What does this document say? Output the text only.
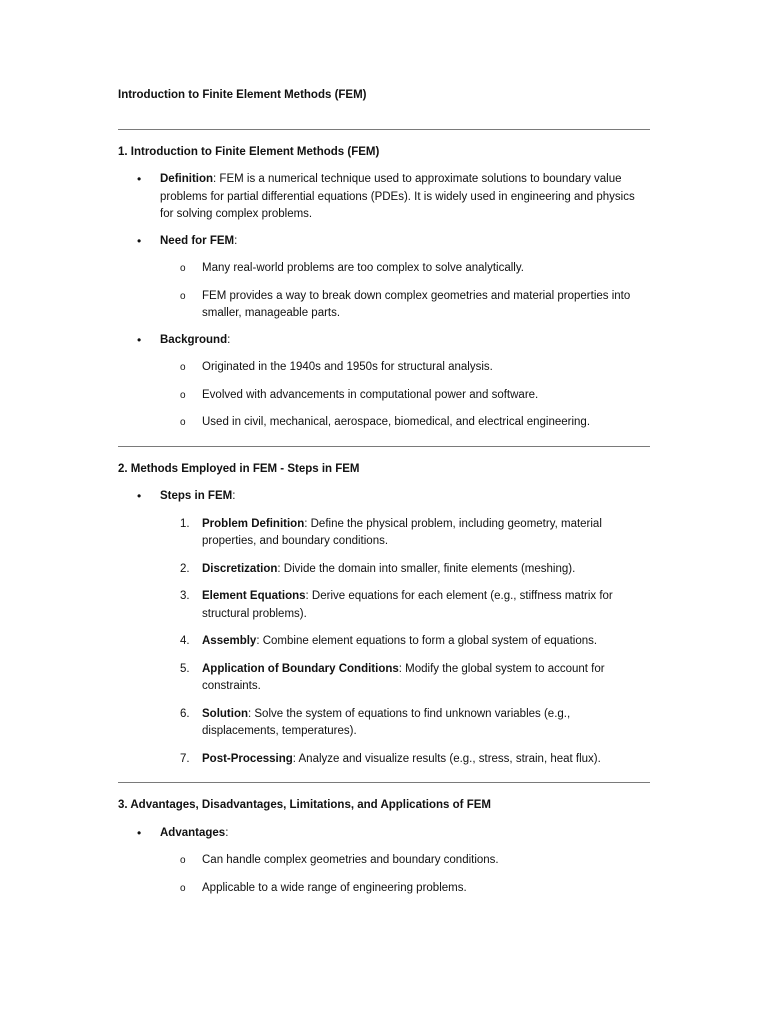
Introduction to Finite Element Methods (FEM)

1. Introduction to Finite Element Methods (FEM)

• Definition: FEM is a numerical technique used to approximate solutions to boundary value problems for partial differential equations (PDEs). It is widely used in engineering and physics for solving complex problems.
• Need for FEM:
o Many real-world problems are too complex to solve analytically.
o FEM provides a way to break down complex geometries and material properties into smaller, manageable parts.
• Background:
o Originated in the 1940s and 1950s for structural analysis.
o Evolved with advancements in computational power and software.
o Used in civil, mechanical, aerospace, biomedical, and electrical engineering.

2. Methods Employed in FEM - Steps in FEM

• Steps in FEM:
1. Problem Definition: Define the physical problem, including geometry, material properties, and boundary conditions.
2. Discretization: Divide the domain into smaller, finite elements (meshing).
3. Element Equations: Derive equations for each element (e.g., stiffness matrix for structural problems).
4. Assembly: Combine element equations to form a global system of equations.
5. Application of Boundary Conditions: Modify the global system to account for constraints.
6. Solution: Solve the system of equations to find unknown variables (e.g., displacements, temperatures).
7. Post-Processing: Analyze and visualize results (e.g., stress, strain, heat flux).

3. Advantages, Disadvantages, Limitations, and Applications of FEM

• Advantages:
o Can handle complex geometries and boundary conditions.
o Applicable to a wide range of engineering problems.
